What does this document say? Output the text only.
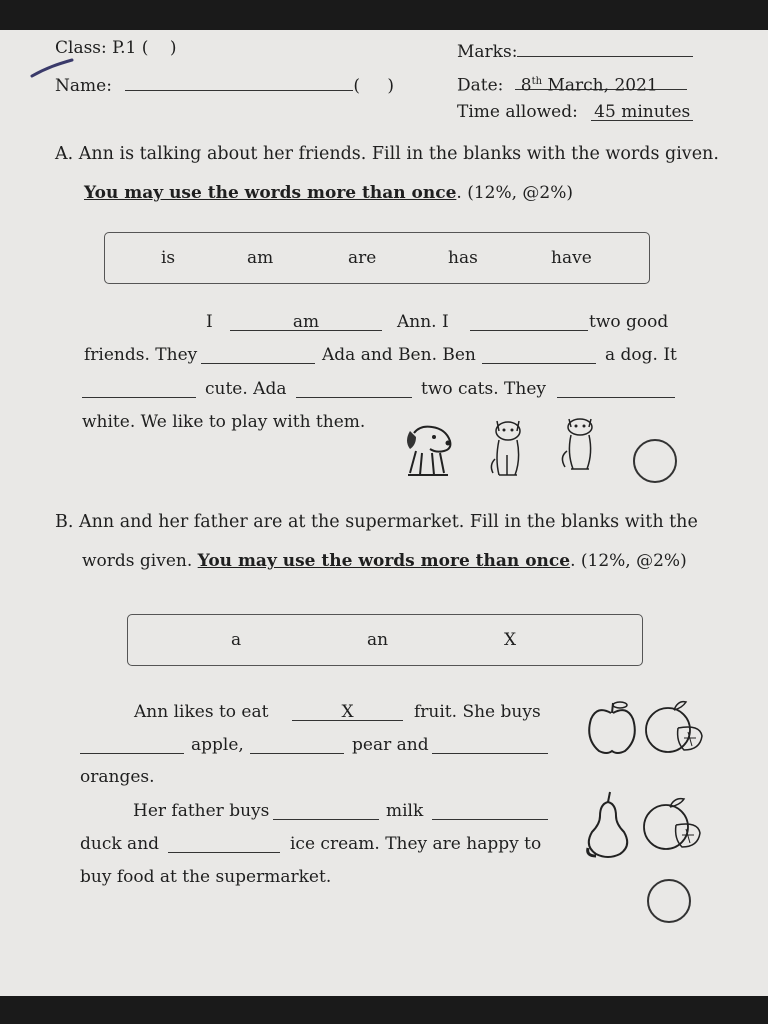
Class: P.1 ( )	Marks:
Name:	( )	Date: 8th March, 2021
Time allowed: 45 minutes
A. Ann is talking about her friends. Fill in the blanks with the words given.
You may use the words more than once. (12%, @2%)
is	am	are	has	have
I	am	Ann. I	two good
friends. They	Ada and Ben. Ben	a dog. It
cute. Ada	two cats. They
white. We like to play with them.
B. Ann and her father are at the supermarket. Fill in the blanks with the
words given. You may use the words more than once. (12%, @2%)
a	an	X
Ann likes to eat	X	fruit. She buys
apple,	pear and
oranges.
Her father buys	milk
duck and	ice cream. They are happy to
buy food at the supermarket.
